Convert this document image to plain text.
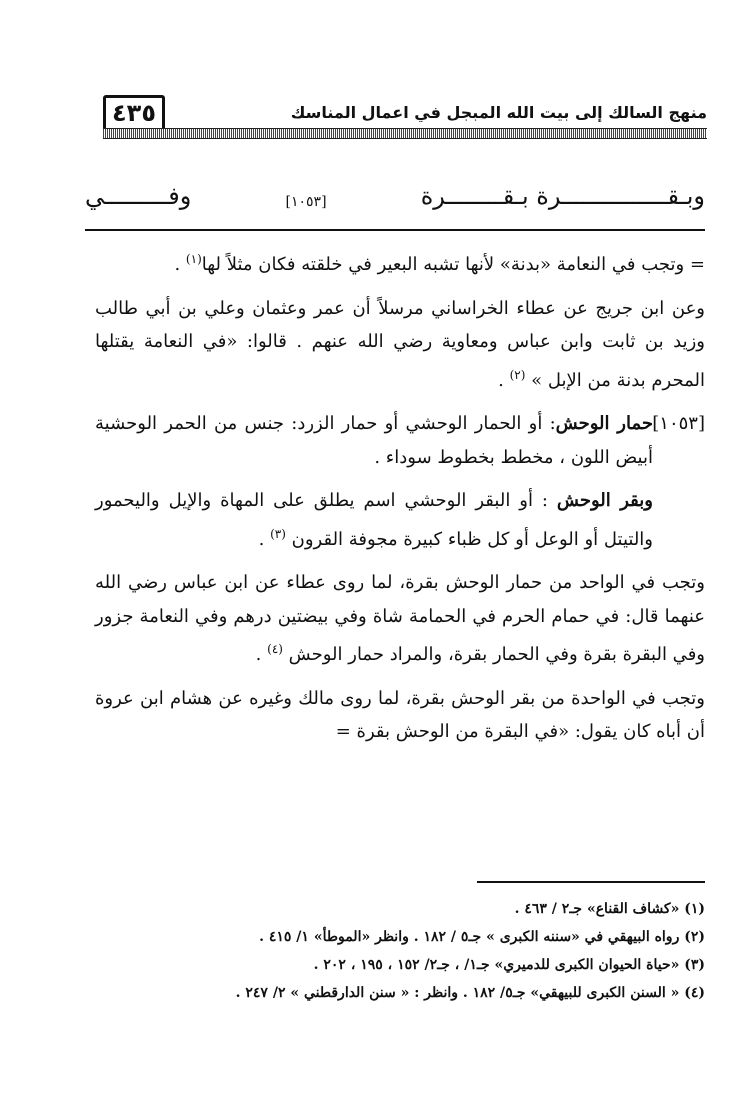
منهج السالك إلى بيت الله المبجل في اعمال المناسك
٤٣٥
وبـقـــــــــــــــرة بـقــــــــرة
[١٠٥٣]
وفـــــــــي

= وتجب في النعامة «بدنة» لأنها تشبه البعير في خلقته فكان مثلاً لها$^{(١)}$ .

وعن ابن جريج عن عطاء الخراساني مرسلاً أن عمر وعثمان وعلي بن أبي طالب وزيد بن ثابت وابن عباس ومعاوية رضي الله عنهم . قالوا: «في النعامة يقتلها المحرم بدنة من الإبل » $^{(٢)}$ .

[١٠٥٣]
حمار الوحش: أو الحمار الوحشي أو حمار الزرد: جنس من الحمر الوحشية أبيض اللون ، مخطط بخطوط سوداء .

وبقر الوحش : أو البقر الوحشي اسم يطلق على المهاة والإيل واليحمور والتيتل أو الوعل أو كل ظباء كبيرة مجوفة القرون $^{(٣)}$ .

وتجب في الواحد من حمار الوحش بقرة، لما روى عطاء عن ابن عباس رضي الله عنهما قال: في حمام الحرم في الحمامة شاة وفي بيضتين درهم وفي النعامة جزور وفي البقرة بقرة وفي الحمار بقرة، والمراد حمار الوحش $^{(٤)}$ .

وتجب في الواحدة من بقر الوحش بقرة، لما روى مالك وغيره عن هشام ابن عروة أن أباه كان يقول: «في البقرة من الوحش بقرة =

(١) «كشاف القناع» جـ٢ / ٤٦٣ .

(٢) رواه البيهقي في «سننه الكبرى » جـ٥ / ١٨٢ . وانظر «الموطأ» ١/ ٤١٥ .

(٣) «حياة الحيوان الكبرى للدميري» جـ١/ ، جـ٢/ ١٥٢ ، ١٩٥ ، ٢٠٢ .

(٤) « السنن الكبرى للبيهقي» جـ٥/ ١٨٢ . وانظر : « سنن الدارقطني » ٢/ ٢٤٧ .
